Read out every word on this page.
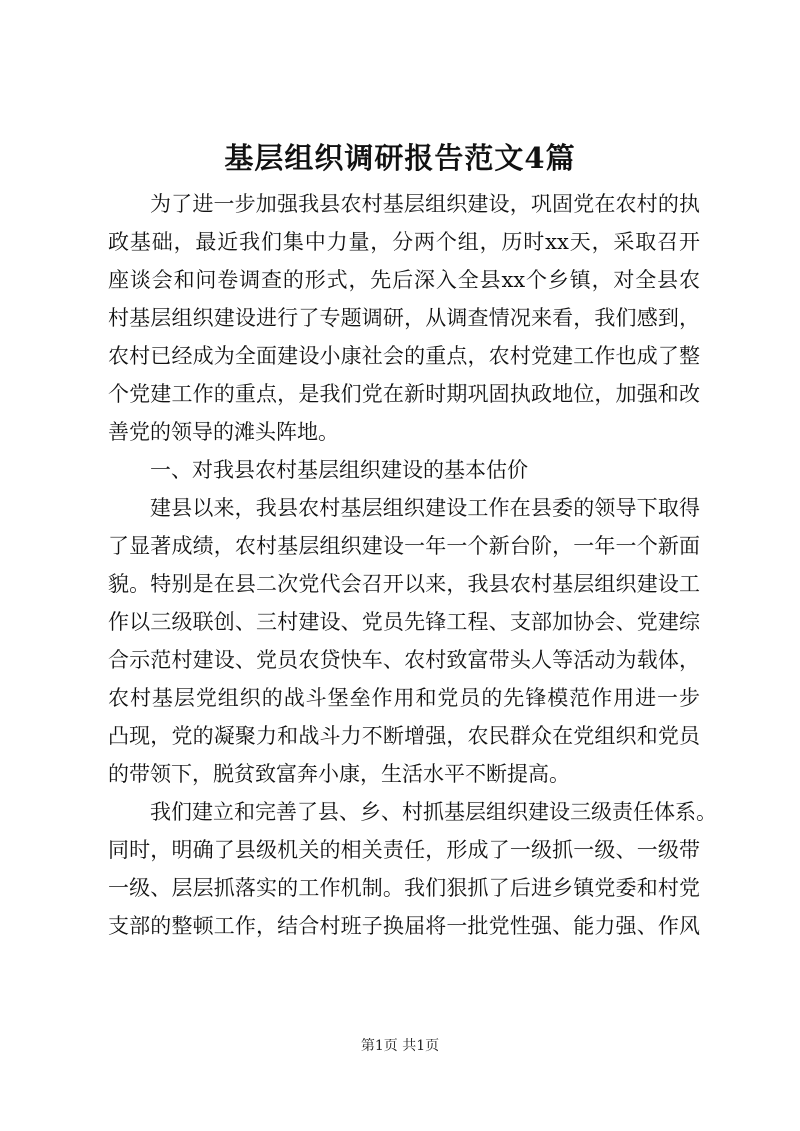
基层组织调研报告范文4篇
为了进一步加强我县农村基层组织建设，巩固党在农村的执
政基础，最近我们集中力量，分两个组，历时xx天，采取召开
座谈会和问卷调查的形式，先后深入全县xx个乡镇，对全县农
村基层组织建设进行了专题调研，从调查情况来看，我们感到，
农村已经成为全面建设小康社会的重点，农村党建工作也成了整
个党建工作的重点，是我们党在新时期巩固执政地位，加强和改
善党的领导的滩头阵地。
一、对我县农村基层组织建设的基本估价
建县以来，我县农村基层组织建设工作在县委的领导下取得
了显著成绩，农村基层组织建设一年一个新台阶，一年一个新面
貌。特别是在县二次党代会召开以来，我县农村基层组织建设工
作以三级联创、三村建设、党员先锋工程、支部加协会、党建综
合示范村建设、党员农贷快车、农村致富带头人等活动为载体，
农村基层党组织的战斗堡垒作用和党员的先锋模范作用进一步
凸现，党的凝聚力和战斗力不断增强，农民群众在党组织和党员
的带领下，脱贫致富奔小康，生活水平不断提高。
我们建立和完善了县、乡、村抓基层组织建设三级责任体系。
同时，明确了县级机关的相关责任，形成了一级抓一级、一级带
一级、层层抓落实的工作机制。我们狠抓了后进乡镇党委和村党
支部的整顿工作，结合村班子换届将一批党性强、能力强、作风
第1页 共1页
